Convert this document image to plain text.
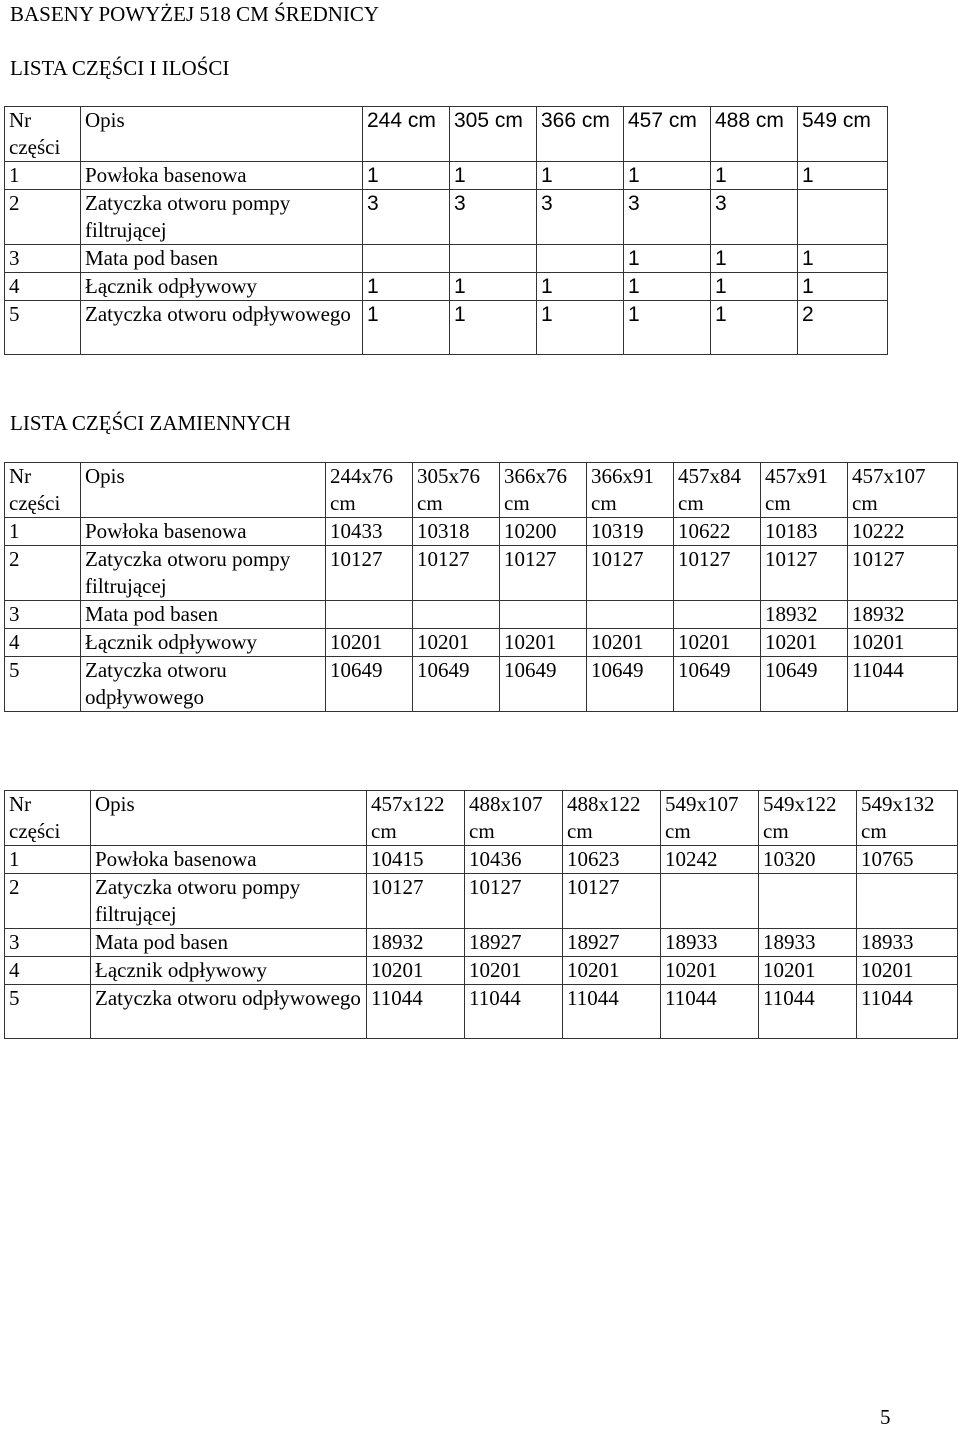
BASENY POWYŻEJ 518 CM ŚREDNICY
LISTA CZĘŚCI I ILOŚCI
Nr części	Opis	244 cm	305 cm	366 cm	457 cm	488 cm	549 cm
1	Powłoka basenowa	1	1	1	1	1	1
2	Zatyczka otworu pompy filtrującej	3	3	3	3	3	
3	Mata pod basen				1	1	1
4	Łącznik odpływowy	1	1	1	1	1	1
5	Zatyczka otworu odpływowego	1	1	1	1	1	2
LISTA CZĘŚCI ZAMIENNYCH
Nr części	Opis	244x76 cm	305x76 cm	366x76 cm	366x91 cm	457x84 cm	457x91 cm	457x107 cm
1	Powłoka basenowa	10433	10318	10200	10319	10622	10183	10222
2	Zatyczka otworu pompy filtrującej	10127	10127	10127	10127	10127	10127	10127
3	Mata pod basen						18932	18932
4	Łącznik odpływowy	10201	10201	10201	10201	10201	10201	10201
5	Zatyczka otworu odpływowego	10649	10649	10649	10649	10649	10649	11044
Nr części	Opis	457x122 cm	488x107 cm	488x122 cm	549x107 cm	549x122 cm	549x132 cm
1	Powłoka basenowa	10415	10436	10623	10242	10320	10765
2	Zatyczka otworu pompy filtrującej	10127	10127	10127			
3	Mata pod basen	18932	18927	18927	18933	18933	18933
4	Łącznik odpływowy	10201	10201	10201	10201	10201	10201
5	Zatyczka otworu odpływowego	11044	11044	11044	11044	11044	11044
5
